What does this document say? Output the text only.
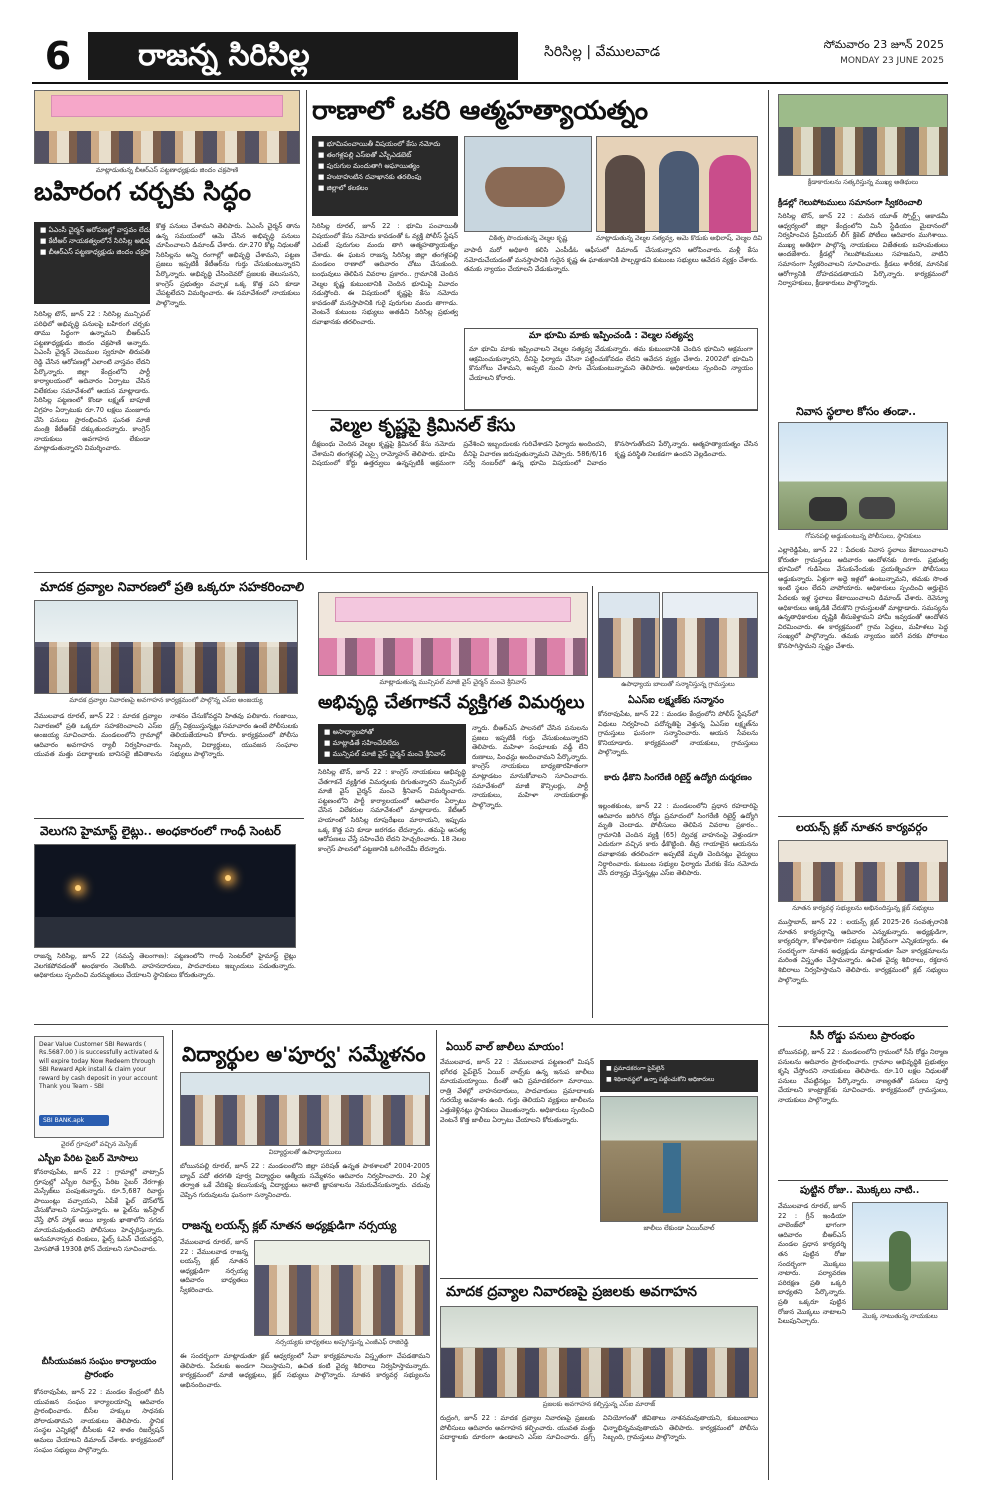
6	రాజన్న సిరిసిల్ల	సిరిసిల్ల | వేములవాడ	సోమవారం 23 జూన్ 2025
MONDAY 23 JUNE 2025
మాట్లాడుతున్న బీఆర్ఎస్ పట్టణాధ్యక్షుడు జిందం చక్రపాణి
బహిరంగ చర్చకు సిద్ధం
■ ఏఎంసీ చైర్మన్ ఆరోపణల్లో వాస్తవం లేదు
■ కేటీఆర్ నాయకత్వంలోనే సిరిసిల్ల అభివృద్ధి
■ బీఆర్ఎస్ పట్టణాధ్యక్షుడు జిందం చక్రపాణి
సిరిసిల్ల టౌన్, జూన్ 22 : సిరిసిల్ల మున్సిపల్ పరిధిలో అభివృద్ధి పనులపై బహిరంగ చర్చకు తాము సిద్ధంగా ఉన్నామని బీఆర్ఎస్ పట్టణాధ్యక్షుడు జిందం చక్రపాణి అన్నారు. ఏఎంసీ చైర్మన్ వెలుముల స్వరూపా తిరుపతి రెడ్డి చేసిన ఆరోపణల్లో ఎలాంటి వాస్తవం లేదని పేర్కొన్నారు. జిల్లా కేంద్రంలోని పార్టీ కార్యాలయంలో ఆదివారం ఏర్పాటు చేసిన విలేకరుల సమావేశంలో ఆయన మాట్లాడారు. సిరిసిల్ల పట్టణంలో కొండా లక్ష్మణ్ బాపూజీ విగ్రహం ఏర్పాటుకు రూ.70 లక్షలు మంజూరు చేసి పనులు ప్రారంభించిన ఘనత మాజీ మంత్రి కేటీఆర్‌కే దక్కుతుందన్నారు. కాంగ్రెస్ నాయకులు అవగాహన లేకుండా మాట్లాడుతున్నారని విమర్శించారు.
కొత్త పనులు చేశామని తెలిపారు. ఏఎంసీ చైర్మన్ తాను ఉన్న సమయంలో ఆమె చేసిన అభివృద్ధి పనులు చూపించాలని డిమాండ్ చేశారు. రూ.270 కోట్ల నిధులతో సిరిసిల్లను అన్ని రంగాల్లో అభివృద్ధి చేశామని, పట్టణ ప్రజలు ఇప్పటికీ కేటీఆర్‌ను గుర్తు చేసుకుంటున్నారని పేర్కొన్నారు. అభివృద్ధి చేసిందెవరో ప్రజలకు తెలుసునని, కాంగ్రెస్ ప్రభుత్వం వచ్చాక ఒక్క కొత్త పని కూడా చేపట్టలేదని విమర్శించారు. ఈ సమావేశంలో నాయకులు పాల్గొన్నారు.
రాణాలో ఒకరి ఆత్మహత్యాయత్నం
■ భూమిపంచాయితీ విషయంలో కేసు నమోదు
■ తంగళ్లపల్లి ఎస్ఐతో ఎస్బీఎడబెట్
■ పురుగుల మందుతాగి ఆఘాయిత్యం
■ హుటాహుటిన దవాఖానకు తరలింపు
■ జిల్లాలో కలకలం
చికిత్స పొందుతున్న వెల్మల కృష్ణ	మాట్లాడుతున్న వెల్మల సత్యవ్వ, ఆమె కొడుకు అభిలాష్, వెల్మల దివి
సిరిసిల్ల రూరల్, జూన్ 22 : భూమి పంచాయితీ విషయంలో కేసు నమోదు కావడంతో ఓ వ్యక్తి పోలీస్ స్టేషన్ ఎదుటే పురుగుల మందు తాగి ఆత్మహత్యాయత్నం చేశాడు. ఈ ఘటన రాజన్న సిరిసిల్ల జిల్లా తంగళ్లపల్లి మండలం రాణాలో ఆదివారం చోటు చేసుకుంది. బంధువులు తెలిపిన వివరాల ప్రకారం.. గ్రామానికి చెందిన వెల్మల కృష్ణ కుటుంబానికి చెందిన భూమిపై వివాదం నడుస్తోంది. ఈ విషయంలో కృష్ణపై కేసు నమోదు కావడంతో మనస్తాపానికి గురై పురుగుల మందు తాగాడు. వెంటనే కుటుంబ సభ్యులు అతడిని సిరిసిల్ల ప్రభుత్వ దవాఖానకు తరలించారు.
వాపాదీ మరో అధికారి కలిసి ఎంపీడీఓ ఆఫీసులో డిమాండ్ చేసుకున్నారని ఆరోపించారు. మళ్లీ కేసు నమోదుచేయడంతో మనస్తాపానికి గురైన కృష్ణ ఈ ఘాతుకానికి పాల్పడ్డాడని కుటుంబ సభ్యులు ఆవేదన వ్యక్తం చేశారు. తమకు న్యాయం చేయాలని వేడుకున్నారు.
మా భూమి మాకు ఇప్పించండి : వెల్మల సత్యవ్వ
మా భూమి మాకు ఇప్పించాలని వెల్మల సత్యవ్వ వేడుకున్నారు. తమ కుటుంబానికి చెందిన భూమిని అక్రమంగా ఆక్రమించుకున్నారని, దీనిపై ఫిర్యాదు చేసినా పట్టించుకోవడం లేదని ఆవేదన వ్యక్తం చేశారు. 2002లో భూమిని కొనుగోలు చేశామని, అప్పటి నుంచి సాగు చేసుకుంటున్నామని తెలిపారు. అధికారులు స్పందించి న్యాయం చేయాలని కోరారు.
వెల్మల కృష్ణపై క్రిమినల్ కేసు
దీక్షబంధు చెందిన వెల్మల కృష్ణపై క్రిమినల్ కేసు నమోదు చేశామని తంగళ్లపల్లి ఎస్సై రామ్మోహన్ తెలిపారు. భూమి విషయంలో కోర్టు ఉత్తర్వులు ఉన్నప్పటికీ అక్రమంగా ప్రవేశించి ఇబ్బందులకు గురిచేశాడని ఫిర్యాదు అందిందని, దీనిపై విచారణ జరుపుతున్నామని చెప్పారు. 586/6/16 సర్వే నంబర్‌లో ఉన్న భూమి విషయంలో వివాదం కొనసాగుతోందని పేర్కొన్నారు. ఆత్మహత్యాయత్నం చేసిన కృష్ణ పరిస్థితి నిలకడగా ఉందని వెల్లడించారు.
క్రీడాకారులను సత్కరిస్తున్న ముఖ్య అతిథులు
క్రీడల్లో గెలుపోటములు సమానంగా స్వీకరించాలి
సిరిసిల్ల టౌన్, జూన్ 22 : మదిన యూత్ స్పోర్ట్స్ అకాడమీ ఆధ్వర్యంలో జిల్లా కేంద్రంలోని మినీ స్టేడియం మైదానంలో నిర్వహించిన ప్రీమియర్ లీగ్ క్రికెట్ పోటీలు ఆదివారం ముగిశాయి. ముఖ్య అతిథిగా పాల్గొన్న నాయకులు విజేతలకు బహుమతులు అందజేశారు. క్రీడల్లో గెలుపోటములు సహజమని, వాటిని సమానంగా స్వీకరించాలని సూచించారు. క్రీడలు శారీరక, మానసిక ఆరోగ్యానికి దోహదపడతాయని పేర్కొన్నారు. కార్యక్రమంలో నిర్వాహకులు, క్రీడాకారులు పాల్గొన్నారు.
నివాస స్థలాల కోసం తండా..
గోపనపల్లి అడ్డుకుంటున్న పోలీసులు, స్థానికులు
ఎల్లారెడ్డిపేట, జూన్ 22 : పేదలకు నివాస స్థలాలు కేటాయించాలని కోరుతూ గ్రామస్తులు ఆదివారం ఆందోళనకు దిగారు. ప్రభుత్వ భూమిలో గుడిసెలు వేసుకునేందుకు ప్రయత్నించగా పోలీసులు అడ్డుకున్నారు. ఏళ్లుగా అద్దె ఇళ్లలో ఉంటున్నామని, తమకు సొంత ఇంటి స్థలం లేదని వాపోయారు. అధికారులు స్పందించి అర్హులైన పేదలకు ఇళ్ల స్థలాలు కేటాయించాలని డిమాండ్ చేశారు. రెవెన్యూ అధికారులు అక్కడికి చేరుకొని గ్రామస్తులతో మాట్లాడారు. సమస్యను ఉన్నతాధికారుల దృష్టికి తీసుకెళ్తామని హామీ ఇవ్వడంతో ఆందోళన విరమించారు. ఈ కార్యక్రమంలో గ్రామ పెద్దలు, మహిళలు పెద్ద సంఖ్యలో పాల్గొన్నారు. తమకు న్యాయం జరిగే వరకు పోరాటం కొనసాగిస్తామని స్పష్టం చేశారు.
లయన్స్ క్లబ్ నూతన కార్యవర్గం
నూతన కార్యవర్గ సభ్యులను అభినందిస్తున్న క్లబ్ సభ్యులు
ముస్తాబాద్, జూన్ 22 : లయన్స్ క్లబ్ 2025-26 సంవత్సరానికి నూతన కార్యవర్గాన్ని ఆదివారం ఎన్నుకున్నారు. అధ్యక్షుడిగా, కార్యదర్శిగా, కోశాధికారిగా సభ్యులు ఏకగ్రీవంగా ఎన్నికయ్యారు. ఈ సందర్భంగా నూతన అధ్యక్షుడు మాట్లాడుతూ సేవా కార్యక్రమాలను మరింత విస్తృతం చేస్తామన్నారు. ఉచిత వైద్య శిబిరాలు, రక్తదాన శిబిరాలు నిర్వహిస్తామని తెలిపారు. కార్యక్రమంలో క్లబ్ సభ్యులు పాల్గొన్నారు.
సీసీ రోడ్డు పనులు ప్రారంభం
బోయినపల్లి, జూన్ 22 : మండలంలోని గ్రామంలో సీసీ రోడ్డు నిర్మాణ పనులను ఆదివారం ప్రారంభించారు. గ్రామాల అభివృద్ధికి ప్రభుత్వం కృషి చేస్తోందని నాయకులు తెలిపారు. రూ.10 లక్షల నిధులతో పనులు చేపట్టినట్లు పేర్కొన్నారు. నాణ్యతతో పనులు పూర్తి చేయాలని కాంట్రాక్టర్‌కు సూచించారు. కార్యక్రమంలో గ్రామస్తులు, నాయకులు పాల్గొన్నారు.
పుట్టిన రోజు.. మొక్కలు నాటి..
వేములవాడ రూరల్, జూన్ 22 : గ్రీన్ ఇండియా చాలెంజ్‌లో భాగంగా ఆదివారం బీఆర్ఎస్ మండల ప్రధాన కార్యదర్శి తన పుట్టిన రోజు సందర్భంగా మొక్కలు నాటారు. పర్యావరణ పరిరక్షణ ప్రతి ఒక్కరి బాధ్యతని పేర్కొన్నారు. ప్రతి ఒక్కరూ పుట్టిన రోజున మొక్కలు నాటాలని పిలుపునిచ్చారు.
మొక్క నాటుతున్న నాయకులు
మాదక ద్రవ్యాల నివారణలో ప్రతి ఒక్కరూ సహకరించాలి
మాదక ద్రవ్యాల నివారణపై అవగాహన కార్యక్రమంలో పాల్గొన్న ఎస్ఐ అంజయ్య
వేములవాడ రూరల్, జూన్ 22 : మాదక ద్రవ్యాల నివారణలో ప్రతి ఒక్కరూ సహకరించాలని ఎస్ఐ అంజయ్య సూచించారు. మండలంలోని గ్రామాల్లో ఆదివారం అవగాహన ర్యాలీ నిర్వహించారు. యువత మత్తు పదార్థాలకు బానిసలై జీవితాలను నాశనం చేసుకోవద్దని హితవు పలికారు. గంజాయి, డ్రగ్స్ విక్రయిస్తున్నట్లు సమాచారం ఉంటే పోలీసులకు తెలియజేయాలని కోరారు. కార్యక్రమంలో పోలీసు సిబ్బంది, విద్యార్థులు, యువజన సంఘాల సభ్యులు పాల్గొన్నారు.
వెలుగని హైమాస్ట్ లైట్లు.. అంధకారంలో గాంధీ సెంటర్
రాజన్న సిరిసిల్ల, జూన్ 22 (నమస్తే తెలంగాణ): పట్టణంలోని గాంధీ సెంటర్‌లో హైమాస్ట్ లైట్లు వెలగకపోవడంతో అంధకారం నెలకొంది. వాహనదారులు, పాదచారులు ఇబ్బందులు పడుతున్నారు. అధికారులు స్పందించి మరమ్మతులు చేయాలని స్థానికులు కోరుతున్నారు.
మాట్లాడుతున్న మున్సిపల్ మాజీ వైస్ చైర్మన్ మంచె శ్రీనివాస్
అభివృద్ధి చేతగాకనే వ్యక్తిగత విమర్శలు
■ అసాధ్యాలపోతో
■ మాట్లాడితే సహించేదిలేదు
■ మున్సిపల్ మాజీ వైస్ చైర్మన్ మంచె శ్రీనివాస్
సిరిసిల్ల టౌన్, జూన్ 22 : కాంగ్రెస్ నాయకులు అభివృద్ధి చేతగాకనే వ్యక్తిగత విమర్శలకు దిగుతున్నారని మున్సిపల్ మాజీ వైస్ చైర్మన్ మంచె శ్రీనివాస్ విమర్శించారు. పట్టణంలోని పార్టీ కార్యాలయంలో ఆదివారం ఏర్పాటు చేసిన విలేకరుల సమావేశంలో మాట్లాడారు. కేటీఆర్ హయాంలో సిరిసిల్ల రూపురేఖలు మారాయని, ఇప్పుడు ఒక్క కొత్త పని కూడా జరగడం లేదన్నారు. తమపై అసత్య ఆరోపణలు చేస్తే సహించేది లేదని హెచ్చరించారు. 18 నెలల కాంగ్రెస్ పాలనలో పట్టణానికి ఒరిగిందేమీ లేదన్నారు.
న్నారు. బీఆర్ఎస్ పాలనలో చేసిన పనులను ప్రజలు ఇప్పటికీ గుర్తు చేసుకుంటున్నారని తెలిపారు. మహిళా సంఘాలకు వడ్డీ లేని రుణాలు, పింఛన్లు అందించామని పేర్కొన్నారు. కాంగ్రెస్ నాయకులు బాధ్యతారహితంగా మాట్లాడటం మానుకోవాలని సూచించారు. సమావేశంలో మాజీ కౌన్సిలర్లు, పార్టీ నాయకులు, మహిళా నాయకురాళ్లు పాల్గొన్నారు.
ఉపాధ్యాయ బాలుతో సన్మానిస్తున్న గ్రామస్తులు
ఏఎస్ఐ లక్ష్మణ్‌కు సన్మానం
కోనరావుపేట, జూన్ 22 : మండల కేంద్రంలోని పోలీస్ స్టేషన్‌లో విధులు నిర్వహించి పదోన్నతిపై వెళ్తున్న ఏఎస్ఐ లక్ష్మణ్‌ను గ్రామస్తులు ఘనంగా సన్మానించారు. ఆయన సేవలను కొనియాడారు. కార్యక్రమంలో నాయకులు, గ్రామస్తులు పాల్గొన్నారు.
కారు ఢీకొని సింగరేణి రిటైర్డ్ ఉద్యోగి దుర్మరణం
ఇల్లంతకుంట, జూన్ 22 : మండలంలోని ప్రధాన రహదారిపై ఆదివారం జరిగిన రోడ్డు ప్రమాదంలో సింగరేణి రిటైర్డ్ ఉద్యోగి మృతి చెందాడు. పోలీసులు తెలిపిన వివరాల ప్రకారం.. గ్రామానికి చెందిన వ్యక్తి (65) ద్విచక్ర వాహనంపై వెళ్తుండగా ఎదురుగా వచ్చిన కారు ఢీకొట్టింది. తీవ్ర గాయాలైన ఆయనను దవాఖానకు తరలించగా అప్పటికే మృతి చెందినట్లు వైద్యులు నిర్ధారించారు. కుటుంబ సభ్యుల ఫిర్యాదు మేరకు కేసు నమోదు చేసి దర్యాప్తు చేస్తున్నట్లు ఎస్ఐ తెలిపారు.
Dear Value Customer SBI Rewards ( Rs.5687.00 ) is successfully activated & will expire today Now Redeem through SBI Reward Apk install & claim your reward by cash deposit in your account Thank you Team - SBI
SBI BANK.apk
వైరల్ గ్రూపులో వచ్చిన మెస్సేజ్
ఎస్బీఐ పేరిట సైబర్ మోసాలు
కోనరావుపేట, జూన్ 22 : గ్రామాల్లో వాట్సాప్ గ్రూపుల్లో ఎస్బీఐ రివార్డ్స్ పేరిట సైబర్ నేరగాళ్లు మెస్సేజ్‌లు పంపుతున్నారు. రూ.5,687 రివార్డు పాయింట్లు వచ్చాయని, ఏపీకే ఫైల్ డౌన్‌లోడ్ చేసుకోవాలని సూచిస్తున్నారు. ఆ ఫైల్‌ను ఇన్‌స్టాల్ చేస్తే ఫోన్ హ్యాక్ అయి బ్యాంకు ఖాతాలోని నగదు మాయమవుతుందని పోలీసులు హెచ్చరిస్తున్నారు. అనుమానాస్పద లింకులు, ఫైల్స్ ఓపెన్ చేయవద్దని, మోసపోతే 1930కి ఫోన్ చేయాలని సూచించారు.
బీసీయువజన సంఘం కార్యాలయం ప్రారంభం
కోనరావుపేట, జూన్ 22 : మండల కేంద్రంలో బీసీ యువజన సంఘం కార్యాలయాన్ని ఆదివారం ప్రారంభించారు. బీసీల హక్కుల సాధనకు పోరాడుతామని నాయకులు తెలిపారు. స్థానిక సంస్థల ఎన్నికల్లో బీసీలకు 42 శాతం రిజర్వేషన్ అమలు చేయాలని డిమాండ్ చేశారు. కార్యక్రమంలో సంఘం సభ్యులు పాల్గొన్నారు.
విద్యార్థుల అ'పూర్వ' సమ్మేళనం
విద్యార్థులతో ఉపాధ్యాయులు
బోయినపల్లి రూరల్, జూన్ 22 : మండలంలోని జిల్లా పరిషత్ ఉన్నత పాఠశాలలో 2004-2005 బ్యాచ్ పదో తరగతి పూర్వ విద్యార్థుల ఆత్మీయ సమ్మేళనం ఆదివారం నిర్వహించారు. 20 ఏళ్ల తర్వాత ఒకే వేదికపై కలుసుకున్న విద్యార్థులు ఆనాటి జ్ఞాపకాలను నెమరువేసుకున్నారు. చదువు చెప్పిన గురువులను ఘనంగా సన్మానించారు.
రాజన్న లయన్స్ క్లబ్ నూతన అధ్యక్షుడిగా నర్సయ్య
వేములవాడ రూరల్, జూన్ 22 : వేములవాడ రాజన్న లయన్స్ క్లబ్ నూతన అధ్యక్షుడిగా నర్సయ్య ఆదివారం బాధ్యతలు స్వీకరించారు.
నర్సయ్యకు బాధ్యతలు అప్పగిస్తున్న ఎంజీఎఫ్ రాజిరెడ్డి
ఈ సందర్భంగా మాట్లాడుతూ క్లబ్ ఆధ్వర్యంలో సేవా కార్యక్రమాలను విస్తృతంగా చేపడతామని తెలిపారు. పేదలకు అండగా నిలుస్తామని, ఉచిత కంటి వైద్య శిబిరాలు నిర్వహిస్తామన్నారు. కార్యక్రమంలో మాజీ అధ్యక్షులు, క్లబ్ సభ్యులు పాల్గొన్నారు. నూతన కార్యవర్గ సభ్యులను అభినందించారు.
ఏయిర్ వాల్ జాలీలు మాయం!
వేములవాడ, జూన్ 22 : వేములవాడ పట్టణంలో మిషన్ భగీరథ పైప్‌లైన్ ఏయిర్ వాల్స్‌కు ఉన్న ఇనుప జాలీలు మాయమయ్యాయి. దీంతో అవి ప్రమాదకరంగా మారాయి. రాత్రి వేళల్లో వాహనదారులు, పాదచారులు ప్రమాదాలకు గురయ్యే అవకాశం ఉంది. గుర్తు తెలియని వ్యక్తులు జాలీలను ఎత్తుకెళ్లినట్లు స్థానికులు చెబుతున్నారు. అధికారులు స్పందించి వెంటనే కొత్త జాలీలు ఏర్పాటు చేయాలని కోరుతున్నారు.
■ ప్రమాదకరంగా పైప్‌లైన్
■ శిథిలావస్థలో ఉన్నా పట్టించుకోని అధికారులు
జాలీలు లేకుండా ఏయిర్‌వాల్
మాదక ద్రవ్యాల నివారణపై ప్రజలకు అవగాహన
ప్రజలకు అవగాహన కల్పిస్తున్న ఎస్ఐ మారాజ్
రుద్రంగి, జూన్ 22 : మాదక ద్రవ్యాల నివారణపై ప్రజలకు పోలీసులు ఆదివారం అవగాహన కల్పించారు. యువత మత్తు పదార్థాలకు దూరంగా ఉండాలని ఎస్ఐ సూచించారు. డ్రగ్స్ వినియోగంతో జీవితాలు నాశనమవుతాయని, కుటుంబాలు ఛిన్నాభిన్నమవుతాయని తెలిపారు. కార్యక్రమంలో పోలీసు సిబ్బంది, గ్రామస్తులు పాల్గొన్నారు.
